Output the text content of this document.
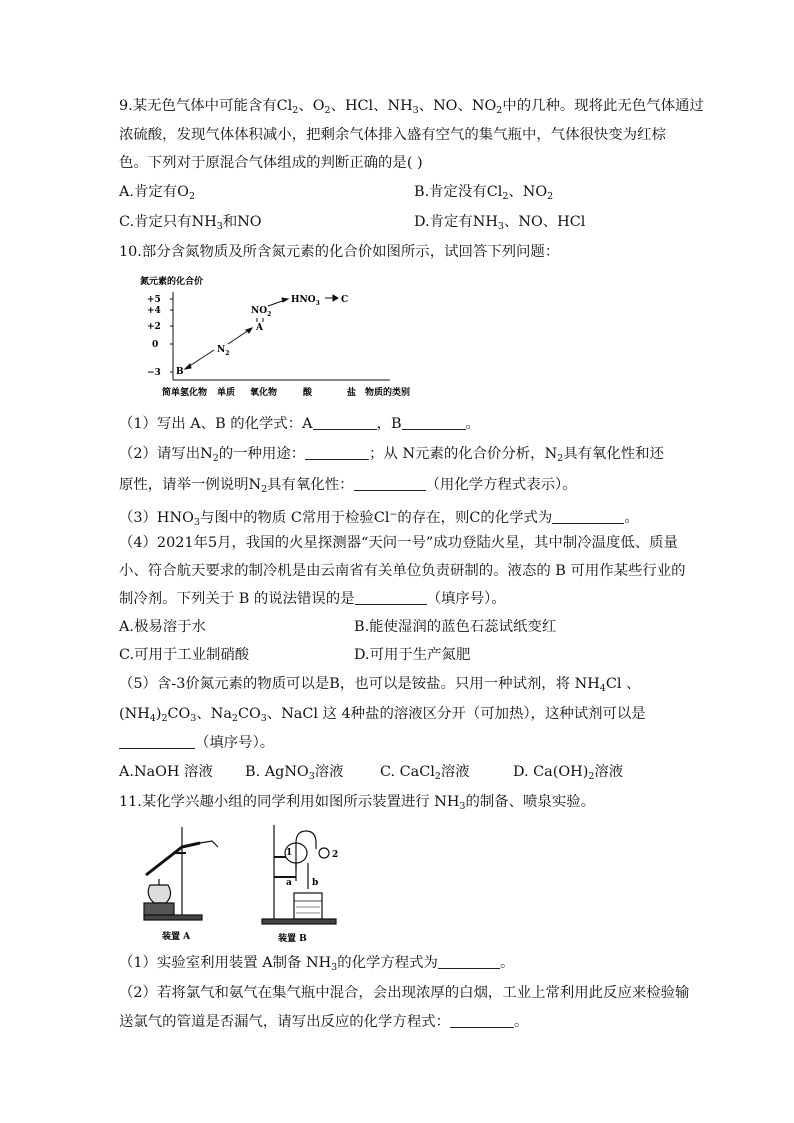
9.某无色气体中可能含有$Cl_2$、$O_2$、HCl、$NH_3$、NO、$NO_2$中的几种。现将此无色气体通过
浓硫酸，发现气体体积减小，把剩余气体排入盛有空气的集气瓶中，气体很快变为红棕
色。下列对于原混合气体组成的判断正确的是( )
A.肯定有$O_2$	B.肯定没有$Cl_2$、$NO_2$
C.肯定只有$NH_3$和NO	D.肯定有$NH_3$、NO、HCl
10.部分含氮物质及所含氮元素的化合价如图所示，试回答下列问题：
氮元素的化合价
+5
+4
+2
0
−3
简单氢化物 单质 氧化物	酸	盐 物质的类别
B
$N_2$
A
$NO_2$
$HNO_3$ C
（1）写出 A、B 的化学式：A	，B	。
（2）请写出$N_2$的一种用途：	；从 N元素的化合价分析，$N_2$具有氧化性和还
原性，请举一例说明$N_2$具有氧化性：	（用化学方程式表示）。
$(3)HNO_3$与图中的物质 C常用于检验Cl−的存在，则C的化学式为	。
（4）2021年5月，我国的火星探测器“天问一号”成功登陆火星，其中制冷温度低、质量
小、符合航天要求的制冷机是由云南省有关单位负责研制的。液态的 B 可用作某些行业的
制冷剂。下列关于 B 的说法错误的是	（填序号）。
A.极易溶于水	B.能使湿润的蓝色石蕊试纸变红
C.可用于工业制硝酸	D.可用于生产氮肥
（5）含-3价氮元素的物质可以是B，也可以是铵盐。只用一种试剂，将 $NH_4Cl$ 、
$(NH_4)_2CO_3$、$Na_2CO_3$、NaCl 这 4种盐的溶液区分开（可加热），这种试剂可以是
（填序号）。
A.NaOH 溶液 B. AgNO$_3$溶液	C. CaCl$_2$溶液	D. $Ca(OH)_2$溶液
11.某化学兴趣小组的同学利用如图所示装置进行 $NH_3$的制备、喷泉实验。
装置 A
1	2
a b
装置 B
（1）实验室利用装置 A制备 $NH_3$的化学方程式为	。
（2）若将氯气和氨气在集气瓶中混合，会出现浓厚的白烟，工业上常利用此反应来检验输
送氯气的管道是否漏气，请写出反应的化学方程式：	。
